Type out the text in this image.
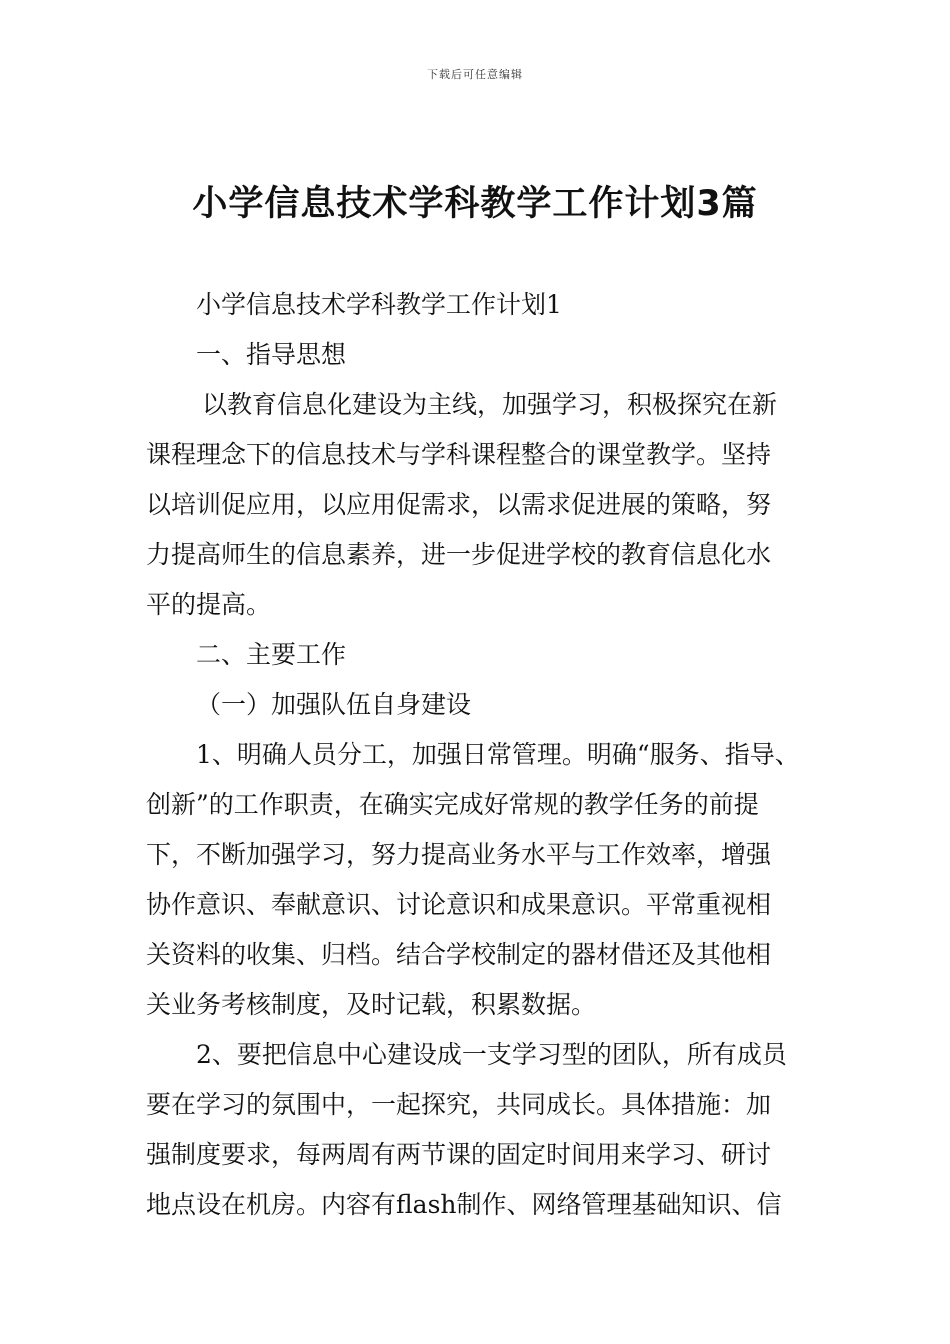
下载后可任意编辑
小学信息技术学科教学工作计划3篇

小学信息技术学科教学工作计划1

一、指导思想

以教育信息化建设为主线，加强学习，积极探究在新

课程理念下的信息技术与学科课程整合的课堂教学。坚持

以培训促应用，以应用促需求，以需求促进展的策略，努

力提高师生的信息素养，进一步促进学校的教育信息化水

平的提高。

二、主要工作

（一）加强队伍自身建设

1、明确人员分工，加强日常管理。明确“服务、指导、

创新”的工作职责，在确实完成好常规的教学任务的前提

下，不断加强学习，努力提高业务水平与工作效率，增强

协作意识、奉献意识、讨论意识和成果意识。平常重视相

关资料的收集、归档。结合学校制定的器材借还及其他相

关业务考核制度，及时记载，积累数据。

2、要把信息中心建设成一支学习型的团队，所有成员

要在学习的氛围中，一起探究，共同成长。具体措施：加

强制度要求，每两周有两节课的固定时间用来学习、研讨

地点设在机房。内容有flash制作、网络管理基础知识、信
